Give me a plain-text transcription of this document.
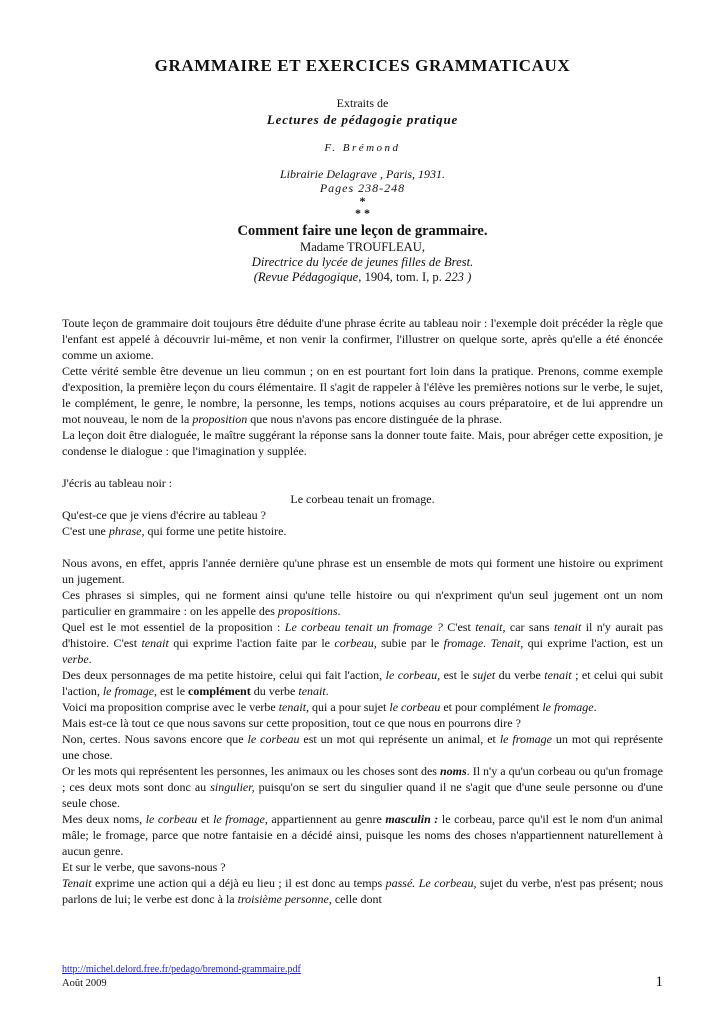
GRAMMAIRE ET EXERCICES GRAMMATICAUX
Extraits de
Lectures de pédagogie pratique
F. Brémond
Librairie Delagrave , Paris, 1931.
Pages 238-248
*
* *
Comment faire une leçon de grammaire.
Madame TROUFLEAU,
Directrice du lycée de jeunes filles de Brest.
(Revue Pédagogique, 1904, tom. I, p. 223 )

Toute leçon de grammaire doit toujours être déduite d'une phrase écrite au tableau noir : l'exemple doit précéder la règle que l'enfant est appelé à découvrir lui-même, et non venir la confirmer, l'illustrer on quelque sorte, après qu'elle a été énoncée comme un axiome.

Cette vérité semble être devenue un lieu commun ; on en est pourtant fort loin dans la pratique. Prenons, comme exemple d'exposition, la première leçon du cours élémentaire. Il s'agit de rappeler à l'élève les premières notions sur le verbe, le sujet, le complément, le genre, le nombre, la personne, les temps, notions acquises au cours préparatoire, et de lui apprendre un mot nouveau, le nom de la proposition que nous n'avons pas encore distinguée de la phrase.

La leçon doit être dialoguée, le maître suggérant la réponse sans la donner toute faite. Mais, pour abréger cette exposition, je condense le dialogue : que l'imagination y supplée.

J'écris au tableau noir :

Le corbeau tenait un fromage.

Qu'est-ce que je viens d'écrire au tableau ?

C'est une phrase, qui forme une petite histoire.

Nous avons, en effet, appris l'année dernière qu'une phrase est un ensemble de mots qui forment une histoire ou expriment un jugement.

Ces phrases si simples, qui ne forment ainsi qu'une telle histoire ou qui n'expriment qu'un seul jugement ont un nom particulier en grammaire : on les appelle des propositions.

Quel est le mot essentiel de la proposition : Le corbeau tenait un fromage ? C'est tenait, car sans tenait il n'y aurait pas d'histoire. C'est tenait qui exprime l'action faite par le corbeau, subie par le fromage. Tenait, qui exprime l'action, est un verbe.

Des deux personnages de ma petite histoire, celui qui fait l'action, le corbeau, est le sujet du verbe tenait ; et celui qui subit l'action, le fromage, est le complément du verbe tenait.

Voici ma proposition comprise avec le verbe tenait, qui a pour sujet le corbeau et pour complément le fromage.

Mais est-ce là tout ce que nous savons sur cette proposition, tout ce que nous en pourrons dire ?

Non, certes. Nous savons encore que le corbeau est un mot qui représente un animal, et le fromage un mot qui représente une chose.

Or les mots qui représentent les personnes, les animaux ou les choses sont des noms. Il n'y a qu'un corbeau ou qu'un fromage ; ces deux mots sont donc au singulier, puisqu'on se sert du singulier quand il ne s'agit que d'une seule personne ou d'une seule chose.

Mes deux noms, le corbeau et le fromage, appartiennent au genre masculin : le corbeau, parce qu'il est le nom d'un animal mâle; le fromage, parce que notre fantaisie en a décidé ainsi, puisque les noms des choses n'appartiennent naturellement à aucun genre.

Et sur le verbe, que savons-nous ?

Tenait exprime une action qui a déjà eu lieu ; il est donc au temps passé. Le corbeau, sujet du verbe, n'est pas présent; nous parlons de lui; le verbe est donc à la troisième personne, celle dont

http://michel.delord.free.fr/pedago/bremond-grammaire.pdf
Août 2009	1
